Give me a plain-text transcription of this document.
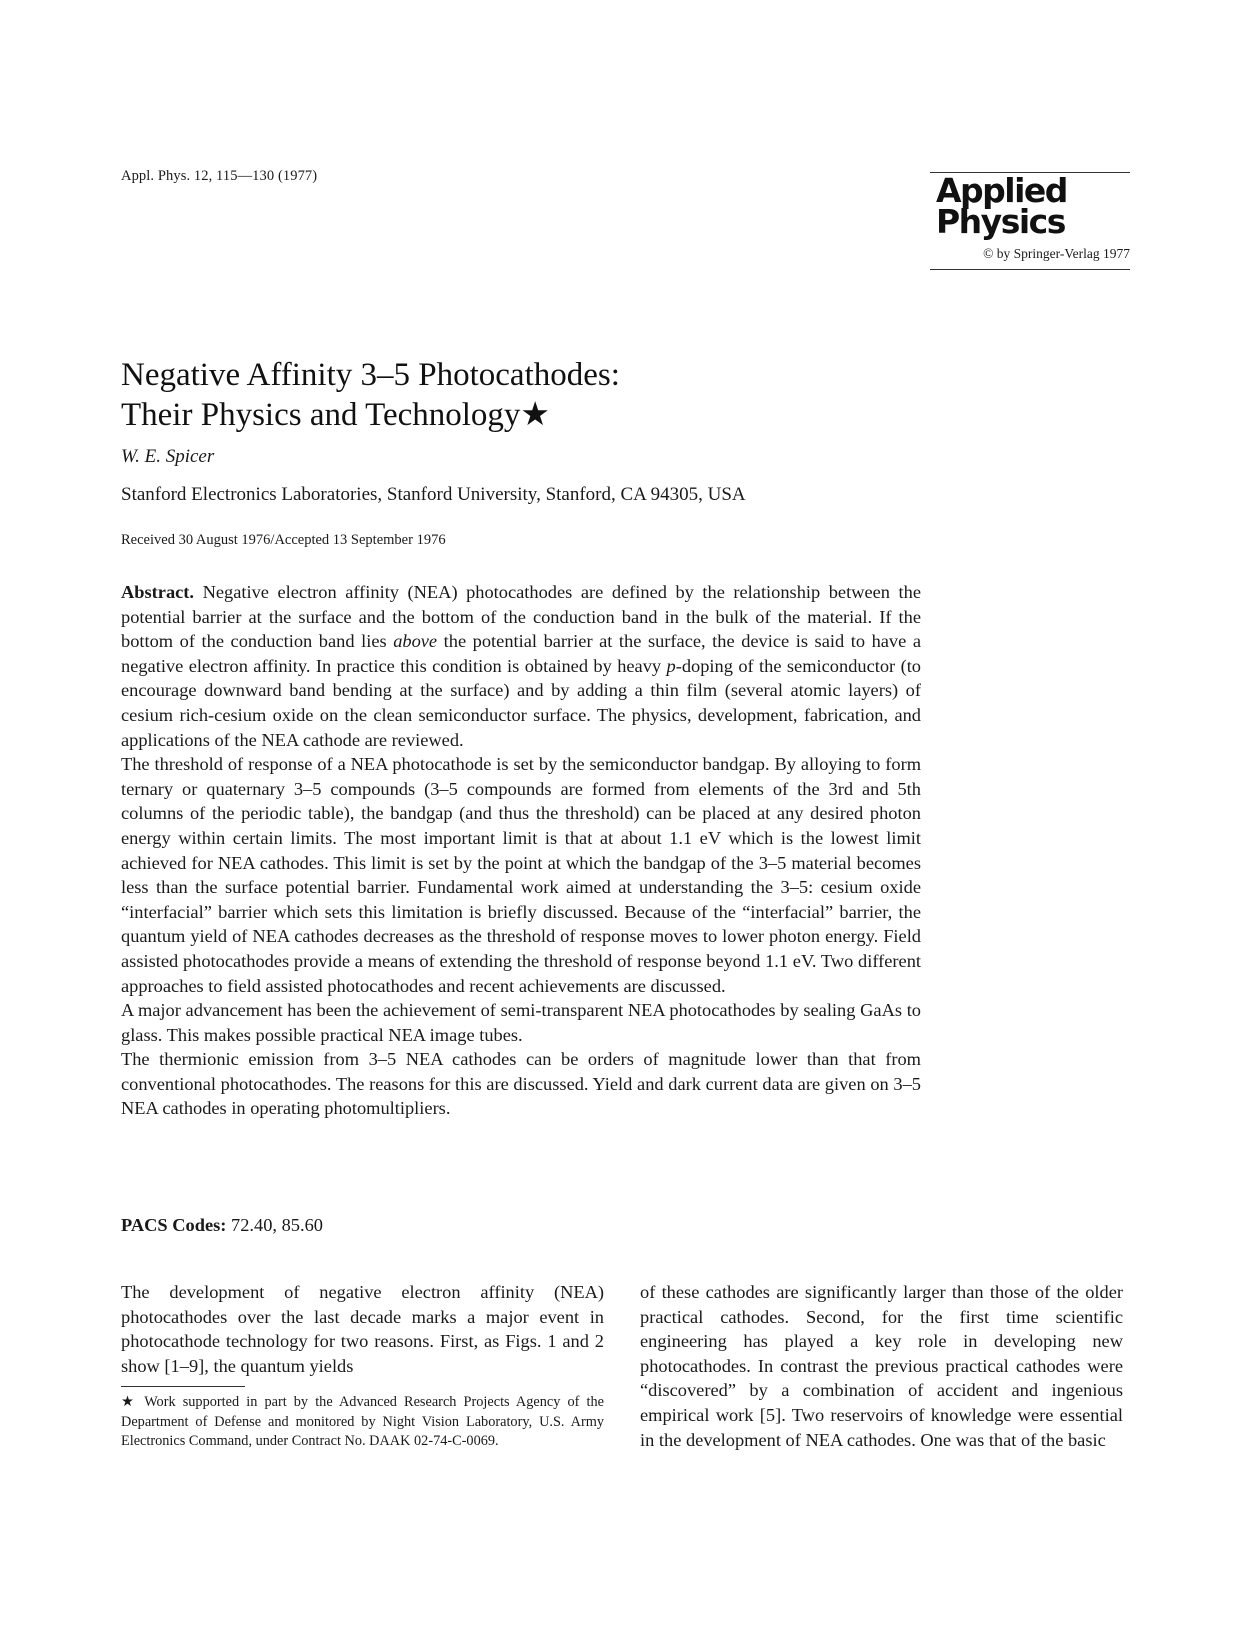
Appl. Phys. 12, 115—130 (1977)	Applied
Physics
© by Springer-Verlag 1977
Negative Affinity 3–5 Photocathodes:
Their Physics and Technology★
W. E. Spicer
Stanford Electronics Laboratories, Stanford University, Stanford, CA 94305, USA
Received 30 August 1976/Accepted 13 September 1976

Abstract. Negative electron affinity (NEA) photocathodes are defined by the relationship between the potential barrier at the surface and the bottom of the conduction band in the bulk of the material. If the bottom of the conduction band lies above the potential barrier at the surface, the device is said to have a negative electron affinity. In practice this condition is obtained by heavy p-doping of the semiconductor (to encourage downward band bending at the surface) and by adding a thin film (several atomic layers) of cesium rich-cesium oxide on the clean semiconductor surface. The physics, development, fabrication, and applications of the NEA cathode are reviewed.

The threshold of response of a NEA photocathode is set by the semiconductor bandgap. By alloying to form ternary or quaternary 3–5 compounds (3–5 compounds are formed from elements of the 3rd and 5th columns of the periodic table), the bandgap (and thus the threshold) can be placed at any desired photon energy within certain limits. The most important limit is that at about 1.1 eV which is the lowest limit achieved for NEA cathodes. This limit is set by the point at which the bandgap of the 3–5 material becomes less than the surface potential barrier. Fundamental work aimed at understanding the 3–5: cesium oxide “interfacial” barrier which sets this limitation is briefly discussed. Because of the “interfacial” barrier, the quantum yield of NEA cathodes decreases as the threshold of response moves to lower photon energy. Field assisted photocathodes provide a means of extending the threshold of response beyond 1.1 eV. Two different approaches to field assisted photocathodes and recent achievements are discussed.

A major advancement has been the achievement of semi-transparent NEA photocathodes by sealing GaAs to glass. This makes possible practical NEA image tubes.

The thermionic emission from 3–5 NEA cathodes can be orders of magnitude lower than that from conventional photocathodes. The reasons for this are discussed. Yield and dark current data are given on 3–5 NEA cathodes in operating photomultipliers.

PACS Codes: 72.40, 85.60

The development of negative electron affinity (NEA) photocathodes over the last decade marks a major event in photocathode technology for two reasons. First, as Figs. 1 and 2 show [1–9], the quantum yields

★ Work supported in part by the Advanced Research Projects Agency of the Department of Defense and monitored by Night Vision Laboratory, U.S. Army Electronics Command, under Contract No. DAAK 02-74-C-0069.

of these cathodes are significantly larger than those of the older practical cathodes. Second, for the first time scientific engineering has played a key role in developing new photocathodes. In contrast the previous practical cathodes were “discovered” by a combination of accident and ingenious empirical work [5]. Two reservoirs of knowledge were essential in the development of NEA cathodes. One was that of the basic
